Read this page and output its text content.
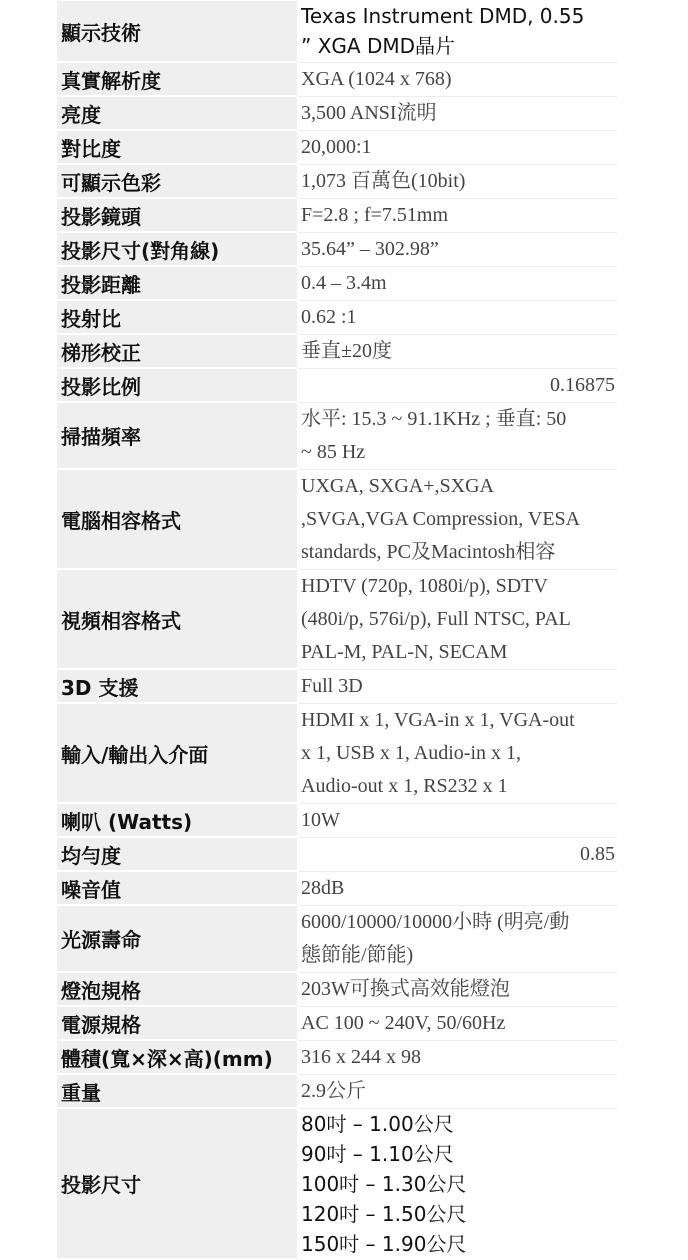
顯示技術	Texas Instrument DMD, 0.55
” XGA DMD晶片

真實解析度	XGA (1024 x 768)
亮度	3,500 ANSI流明
對比度	20,000:1
可顯示色彩	1,073 百萬色(10bit)
投影鏡頭	F=2.8 ; f=7.51mm
投影尺寸(對角線)	35.64” – 302.98”
投影距離	0.4 – 3.4m
投射比	0.62 :1
梯形校正	垂直±20度
投影比例	0.16875
掃描頻率	水平: 15.3 ~ 91.1KHz ; 垂直: 50
~ 85 Hz

電腦相容格式	UXGA, SXGA+,SXGA
,SVGA,VGA Compression, VESA
standards, PC及Macintosh相容

視頻相容格式	HDTV (720p, 1080i/p), SDTV
(480i/p, 576i/p), Full NTSC, PAL
PAL-M, PAL-N, SECAM

3D 支援	Full 3D
輸入/輸出入介面	HDMI x 1, VGA-in x 1, VGA-out
x 1, USB x 1, Audio-in x 1,
Audio-out x 1, RS232 x 1

喇叭 (Watts)	10W
均勻度	0.85
噪音值	28dB
光源壽命	6000/10000/10000小時 (明亮/動
態節能/節能)

燈泡規格	203W可換式高效能燈泡
電源規格	AC 100 ~ 240V, 50/60Hz
體積(寬×深×高)(mm)	316 x 244 x 98
重量	2.9公斤
投影尺寸	80吋 – 1.00公尺
90吋 – 1.10公尺
100吋 – 1.30公尺
120吋 – 1.50公尺
150吋 – 1.90公尺
